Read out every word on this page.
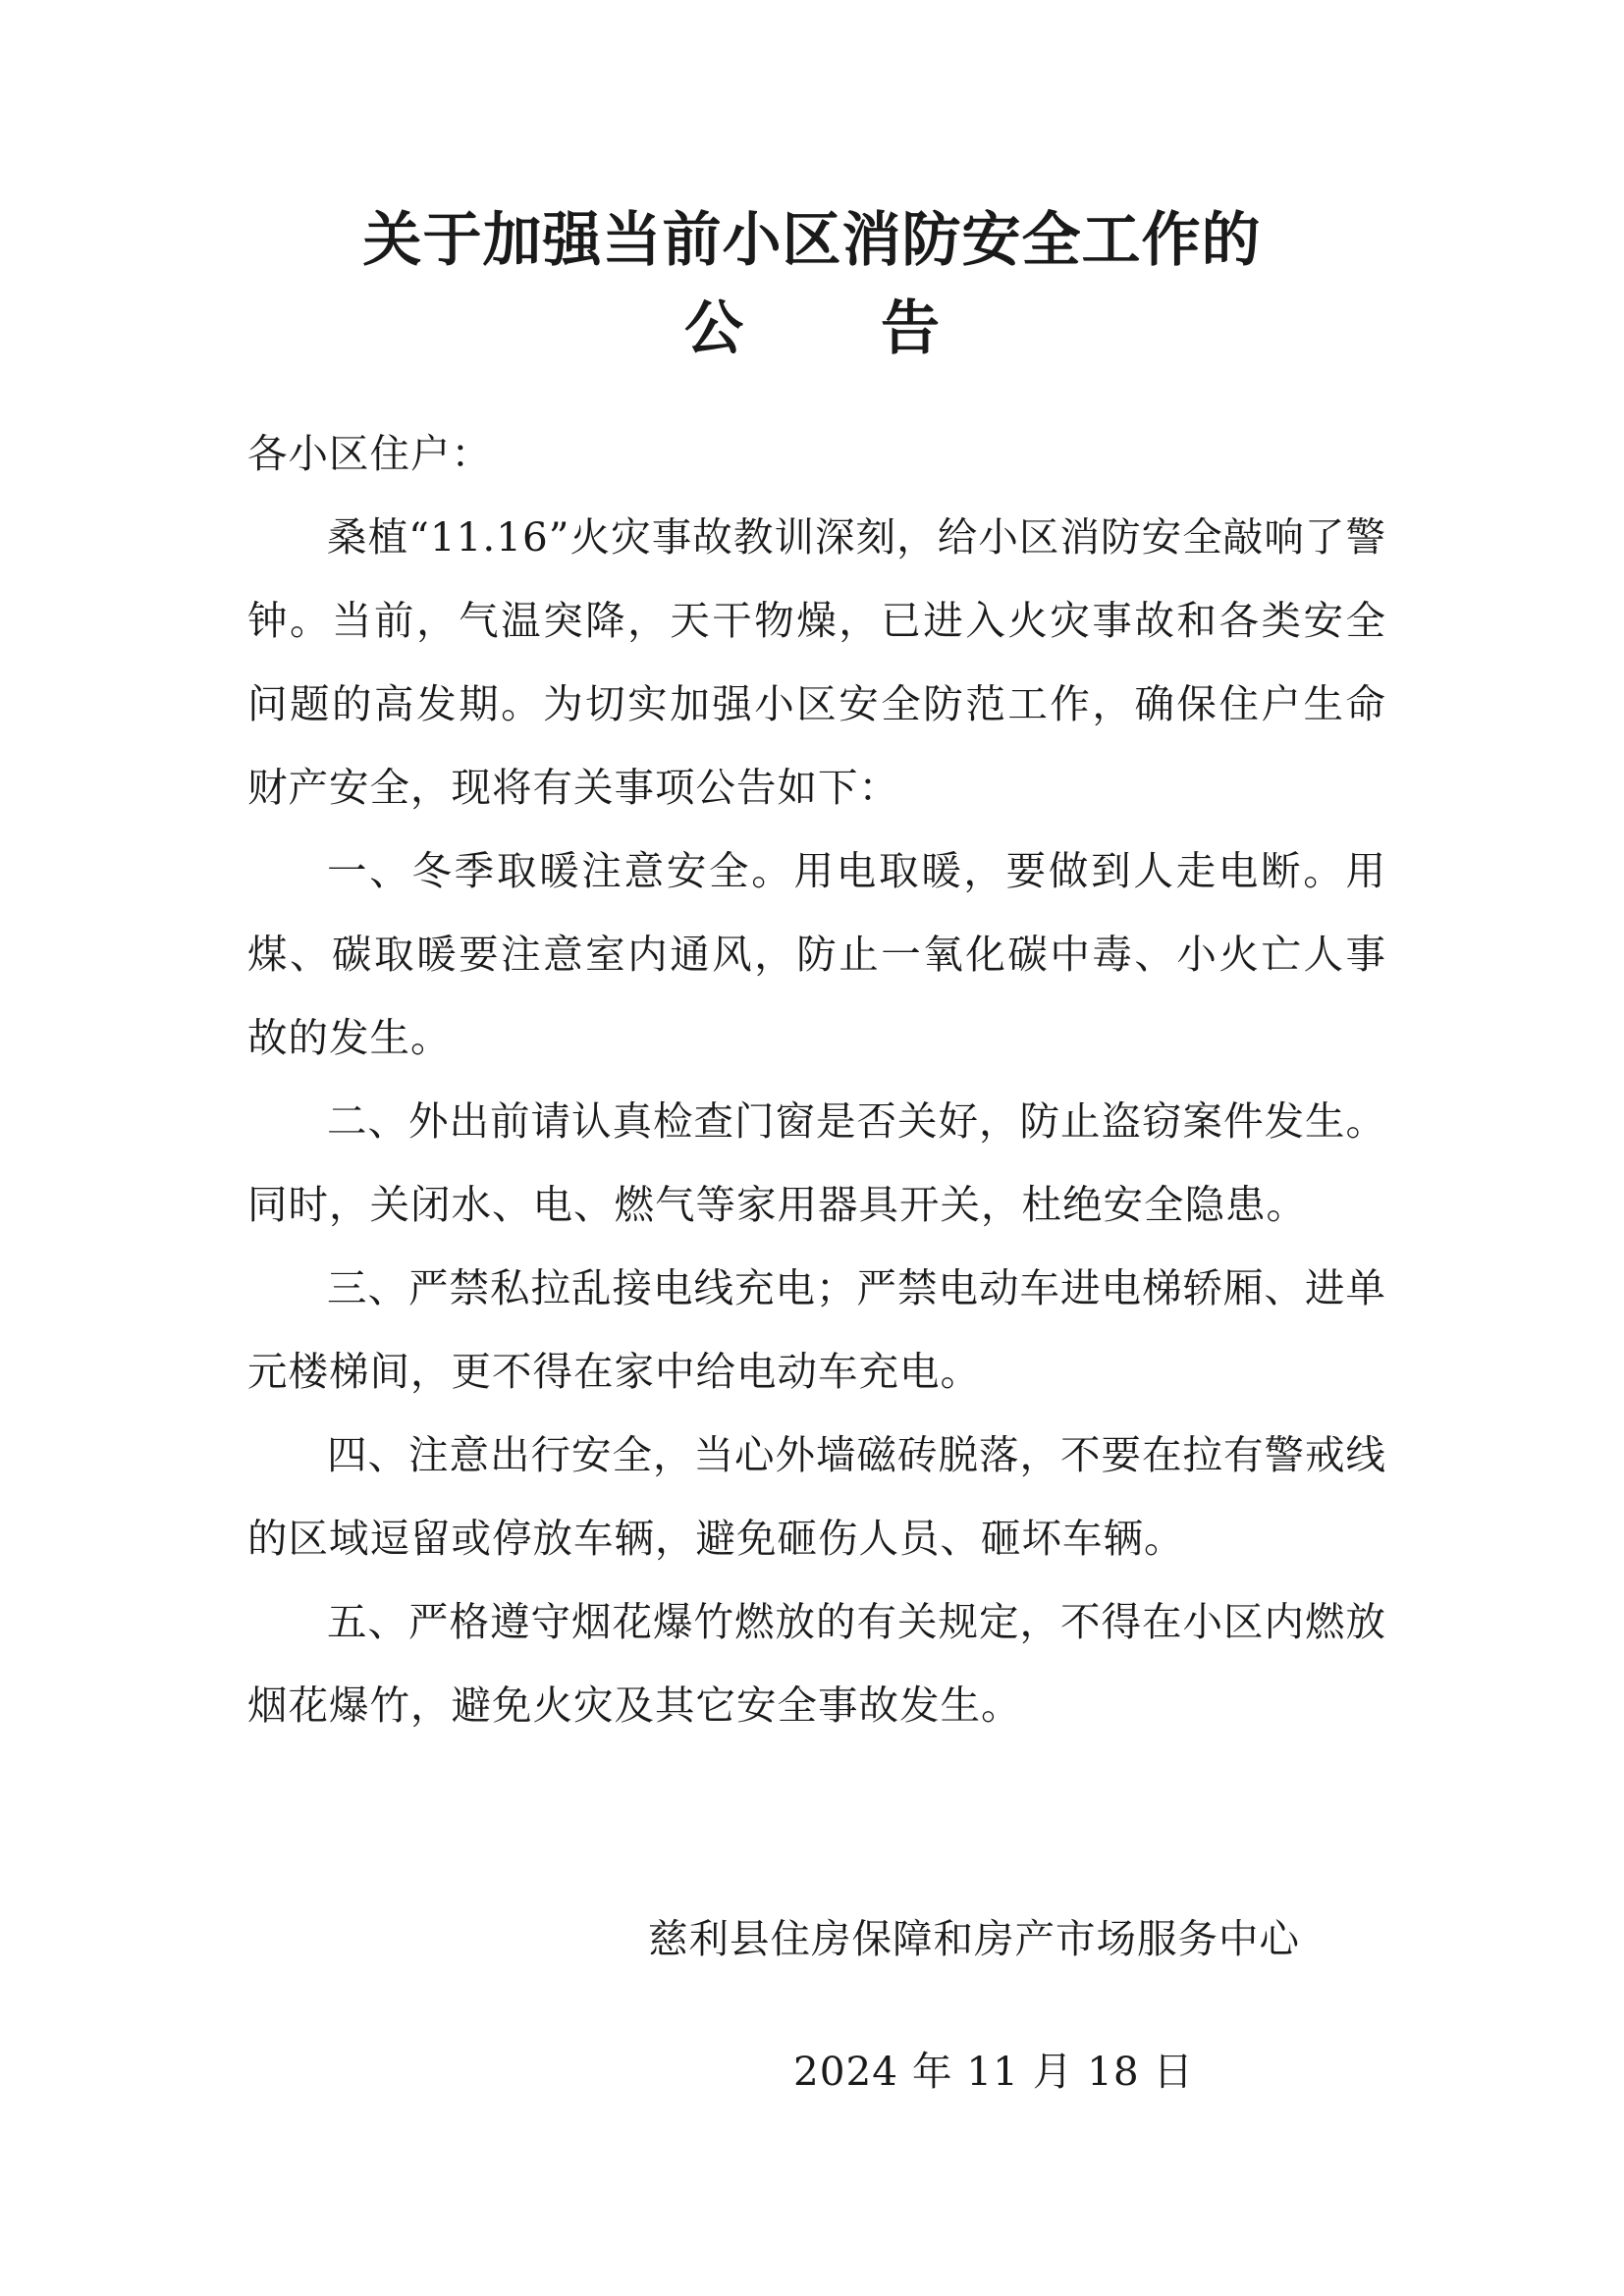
关于加强当前小区消防安全工作的
公告

各小区住户：

桑植“11.16”火灾事故教训深刻，给小区消防安全敲响了警钟。当前，气温突降，天干物燥，已进入火灾事故和各类安全问题的高发期。为切实加强小区安全防范工作，确保住户生命财产安全，现将有关事项公告如下：

一、冬季取暖注意安全。用电取暖，要做到人走电断。用煤、碳取暖要注意室内通风，防止一氧化碳中毒、小火亡人事故的发生。

二、外出前请认真检查门窗是否关好，防止盗窃案件发生。同时，关闭水、电、燃气等家用器具开关，杜绝安全隐患。

三、严禁私拉乱接电线充电；严禁电动车进电梯轿厢、进单元楼梯间，更不得在家中给电动车充电。

四、注意出行安全，当心外墙磁砖脱落，不要在拉有警戒线的区域逗留或停放车辆，避免砸伤人员、砸坏车辆。

五、严格遵守烟花爆竹燃放的有关规定，不得在小区内燃放烟花爆竹，避免火灾及其它安全事故发生。

慈利县住房保障和房产市场服务中心

2024 年 11 月 18 日
